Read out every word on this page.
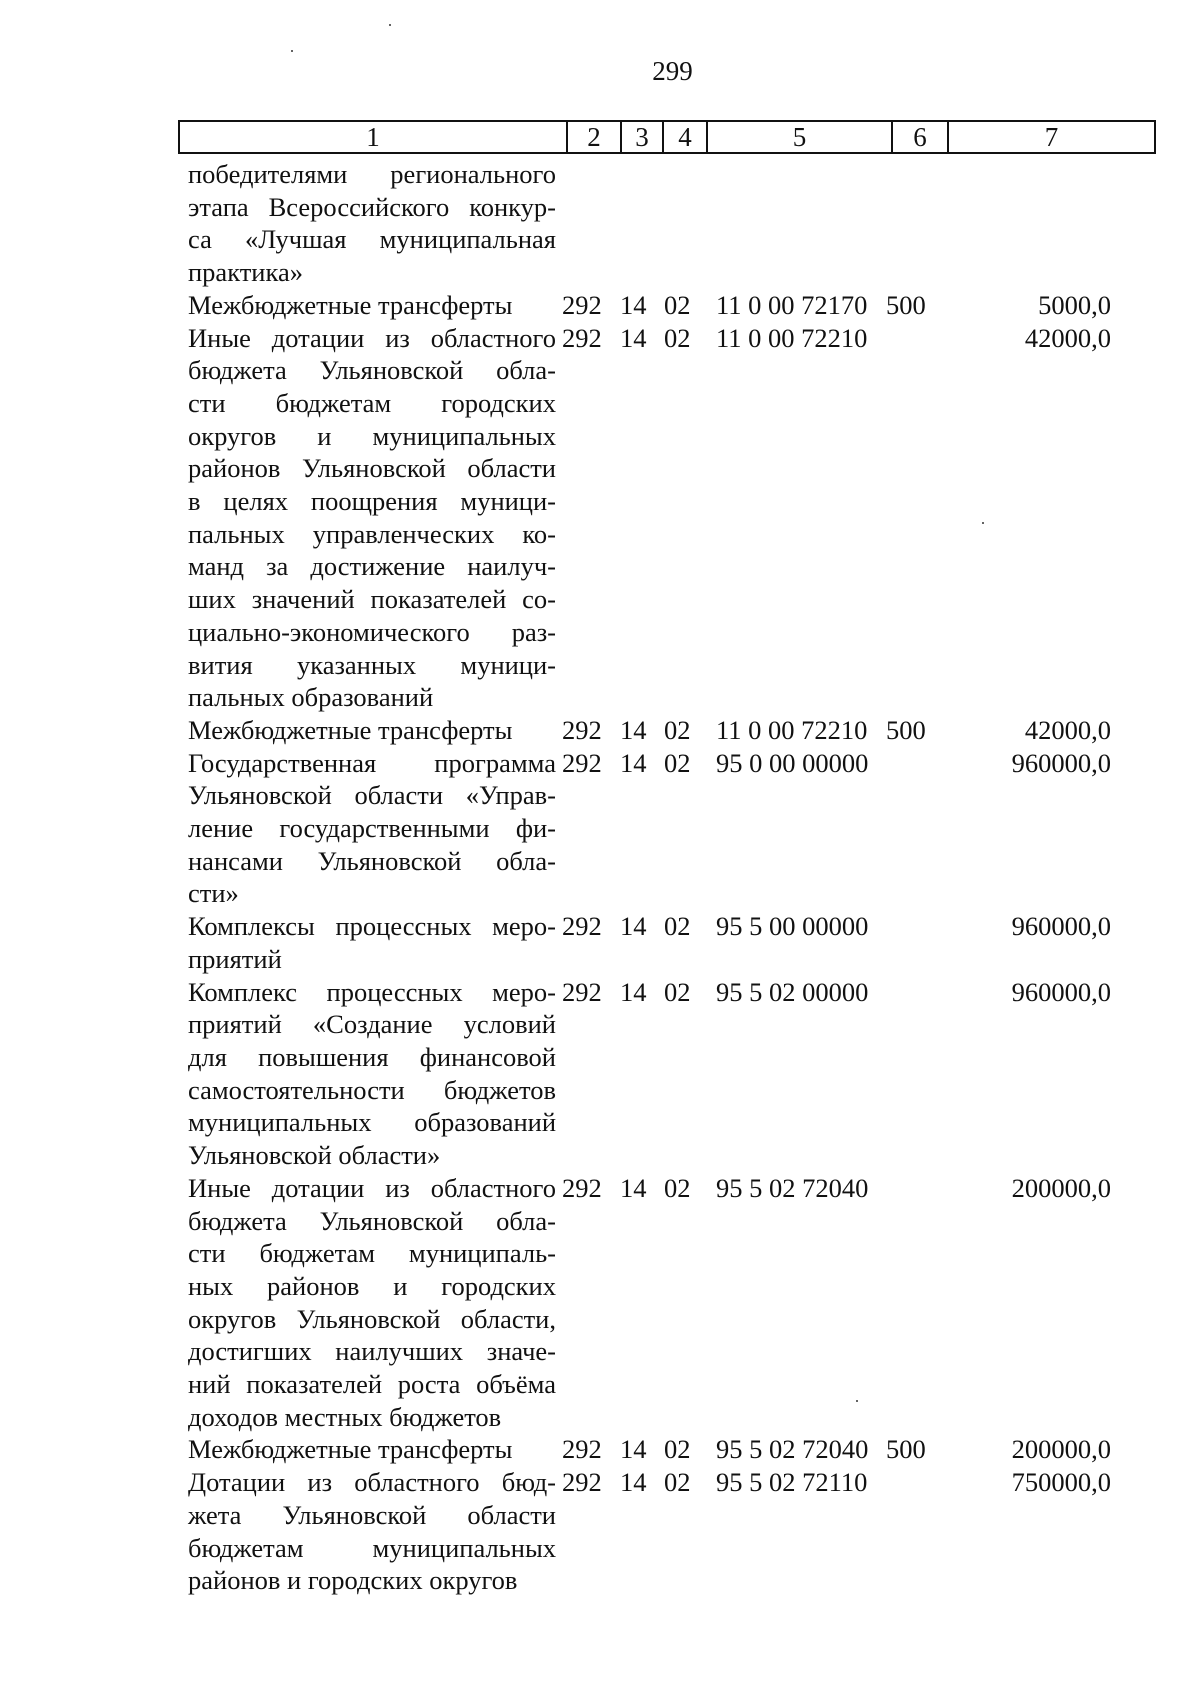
299
1	2	3	4	5	6	7
победителями регионального
этапа Всероссийского конкур-
са «Лучшая муниципальная
практика»
Межбюджетные трансферты	292 14 02 11 0 00 72170 500	5000,0
Иные дотации из областного
бюджета Ульяновской обла-
сти бюджетам городских
округов и муниципальных
районов Ульяновской области
в целях поощрения муници-
пальных управленческих ко-
манд за достижение наилуч-
ших значений показателей со-
циально-экономического раз-
вития указанных муници-
пальных образований
292 14 02 11 0 00 72210	42000,0
Межбюджетные трансферты	292 14 02 11 0 00 72210 500	42000,0
Государственная программа
Ульяновской области «Управ-
ление государственными фи-
нансами Ульяновской обла-
сти»
292 14 02 95 0 00 00000	960000,0
Комплексы процессных меро-
приятий
292 14 02 95 5 00 00000	960000,0
Комплекс процессных меро-
приятий «Создание условий
для повышения финансовой
самостоятельности бюджетов
муниципальных образований
Ульяновской области»
292 14 02 95 5 02 00000	960000,0
Иные дотации из областного
бюджета Ульяновской обла-
сти бюджетам муниципаль-
ных районов и городских
округов Ульяновской области,
достигших наилучших значе-
ний показателей роста объёма
доходов местных бюджетов
292 14 02 95 5 02 72040	200000,0
Межбюджетные трансферты	292 14 02 95 5 02 72040 500	200000,0
Дотации из областного бюд-
жета Ульяновской области
бюджетам муниципальных
районов и городских округов
292 14 02 95 5 02 72110	750000,0
